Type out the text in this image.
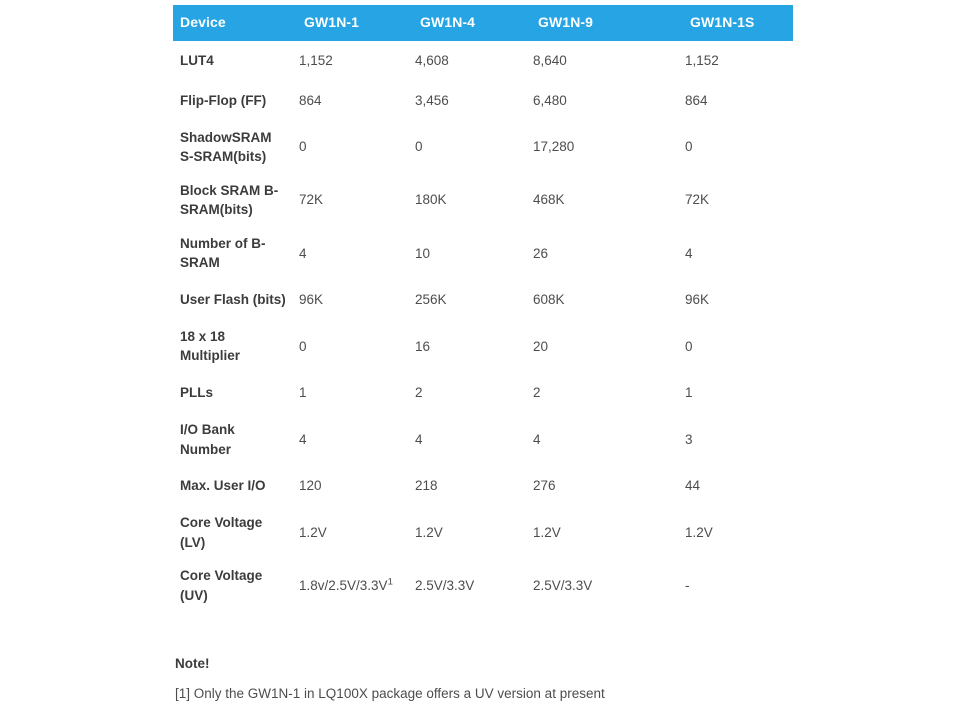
Device	GW1N-1	GW1N-4	GW1N-9	GW1N-1S
LUT4	1,152	4,608	8,640	1,152
Flip-Flop (FF)	864	3,456	6,480	864
ShadowSRAM S-SRAM(bits)	0	0	17,280	0
Block SRAM B-SRAM(bits)	72K	180K	468K	72K
Number of B-SRAM	4	10	26	4
User Flash (bits)	96K	256K	608K	96K
18 x 18 Multiplier	0	16	20	0
PLLs	1	2	2	1
I/O Bank Number	4	4	4	3
Max. User I/O	120	218	276	44
Core Voltage (LV)	1.2V	1.2V	1.2V	1.2V
Core Voltage (UV)	1.8v/2.5V/3.3V$^1$	2.5V/3.3V	2.5V/3.3V	-

Note!

[1] Only the GW1N-1 in LQ100X package offers a UV version at present
